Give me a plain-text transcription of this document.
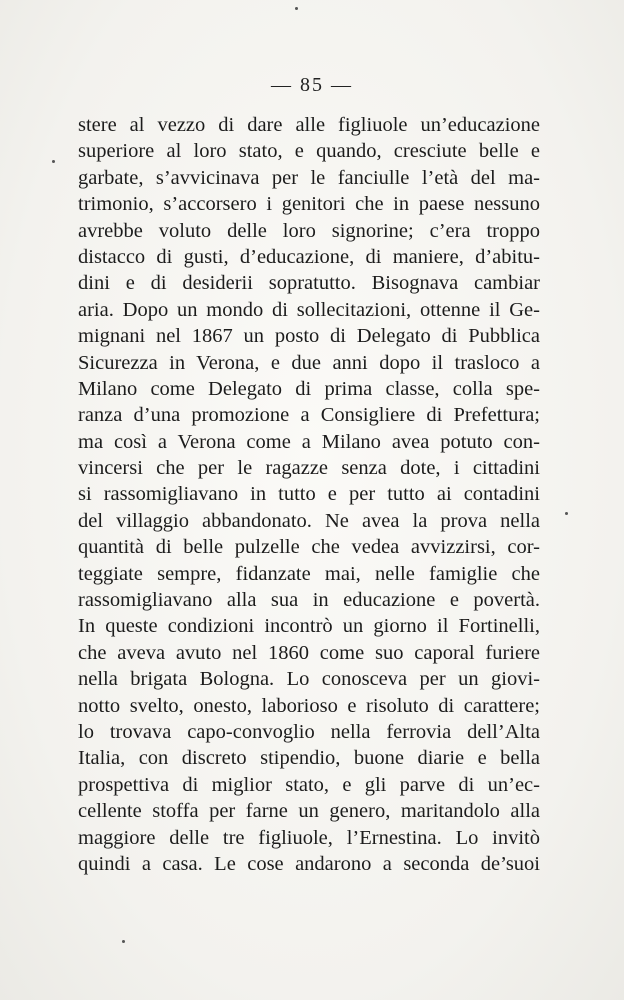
— 85 —
stere al vezzo di dare alle figliuole un’educazione
superiore al loro stato, e quando, cresciute belle e
garbate, s’avvicinava per le fanciulle l’età del ma-
trimonio, s’accorsero i genitori che in paese nessuno
avrebbe voluto delle loro signorine; c’era troppo
distacco di gusti, d’educazione, di maniere, d’abitu-
dini e di desiderii sopratutto. Bisognava cambiar
aria. Dopo un mondo di sollecitazioni, ottenne il Ge-
mignani nel 1867 un posto di Delegato di Pubblica
Sicurezza in Verona, e due anni dopo il trasloco a
Milano come Delegato di prima classe, colla spe-
ranza d’una promozione a Consigliere di Prefettura;
ma così a Verona come a Milano avea potuto con-
vincersi che per le ragazze senza dote, i cittadini
si rassomigliavano in tutto e per tutto ai contadini
del villaggio abbandonato. Ne avea la prova nella
quantità di belle pulzelle che vedea avvizzirsi, cor-
teggiate sempre, fidanzate mai, nelle famiglie che
rassomigliavano alla sua in educazione e povertà.
In queste condizioni incontrò un giorno il Fortinelli,
che aveva avuto nel 1860 come suo caporal furiere
nella brigata Bologna. Lo conosceva per un giovi-
notto svelto, onesto, laborioso e risoluto di carattere;
lo trovava capo-convoglio nella ferrovia dell’Alta
Italia, con discreto stipendio, buone diarie e bella
prospettiva di miglior stato, e gli parve di un’ec-
cellente stoffa per farne un genero, maritandolo alla
maggiore delle tre figliuole, l’Ernestina. Lo invitò
quindi a casa. Le cose andarono a seconda de’suoi
